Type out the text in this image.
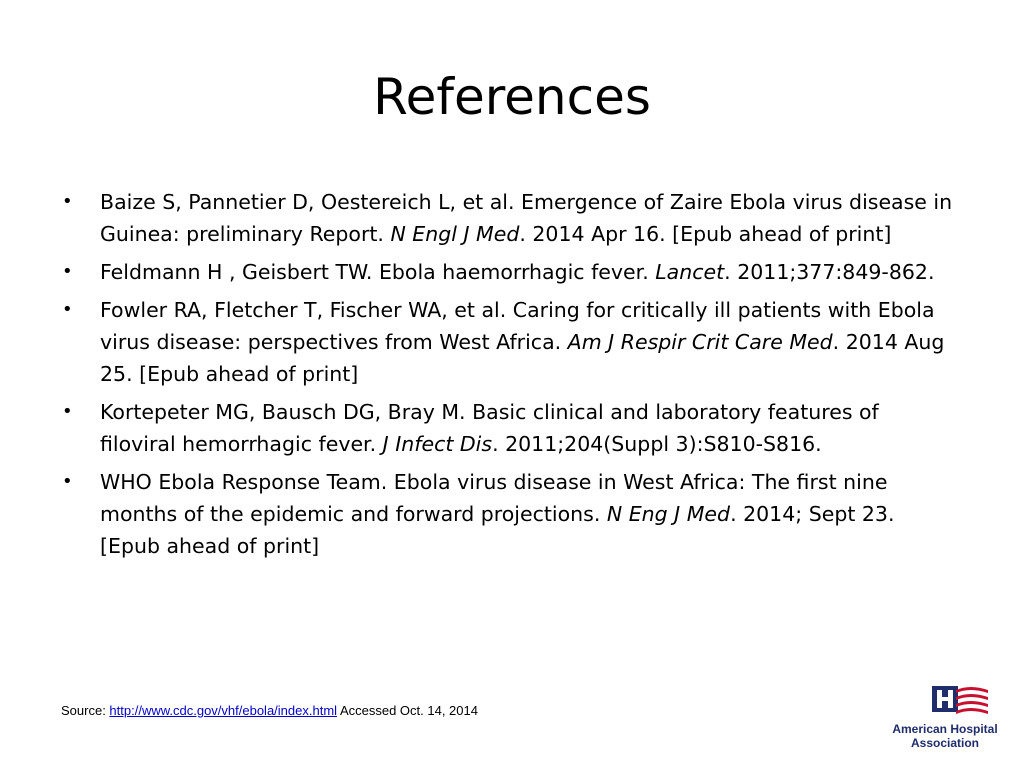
References
• Baize S, Pannetier D, Oestereich L, et al. Emergence of Zaire Ebola virus disease in Guinea: preliminary Report. N Engl J Med. 2014 Apr 16. [Epub ahead of print]
• Feldmann H , Geisbert TW. Ebola haemorrhagic fever. Lancet. 2011;377:849-862.
• Fowler RA, Fletcher T, Fischer WA, et al. Caring for critically ill patients with Ebola virus disease: perspectives from West Africa. Am J Respir Crit Care Med. 2014 Aug 25. [Epub ahead of print]
• Kortepeter MG, Bausch DG, Bray M. Basic clinical and laboratory features of filoviral hemorrhagic fever. J Infect Dis. 2011;204(Suppl 3):S810-S816.
• WHO Ebola Response Team. Ebola virus disease in West Africa: The first nine months of the epidemic and forward projections. N Eng J Med. 2014; Sept 23. [Epub ahead of print]
Source: http://www.cdc.gov/vhf/ebola/index.html Accessed Oct. 14, 2014
American Hospital
Association
